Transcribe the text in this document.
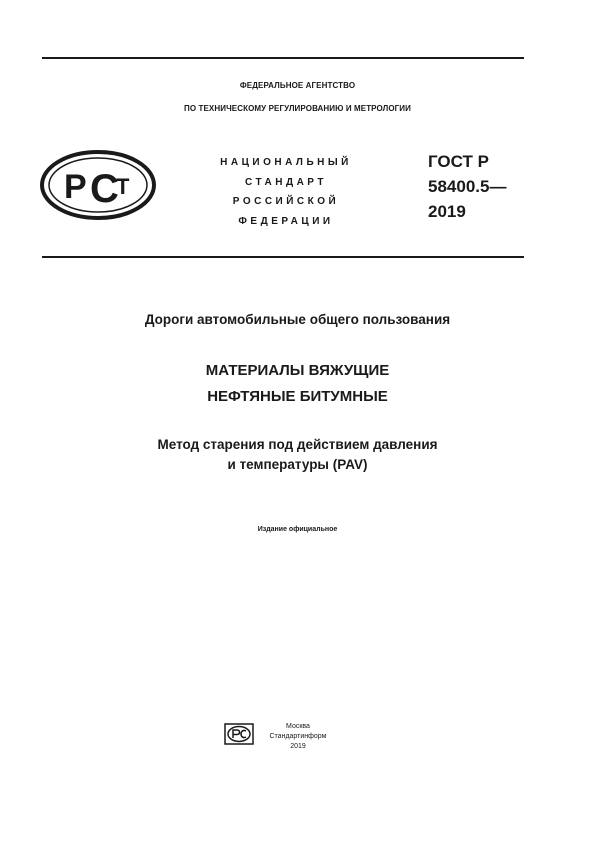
ФЕДЕРАЛЬНОЕ АГЕНТСТВО
ПО ТЕХНИЧЕСКОМУ РЕГУЛИРОВАНИЮ И МЕТРОЛОГИИ
Р С
Т
НАЦИОНАЛЬНЫЙ
СТАНДАРТ
РОССИЙСКОЙ
ФЕДЕРАЦИИ
ГОСТ Р
58400.5—
2019
Дороги автомобильные общего пользования
МАТЕРИАЛЫ ВЯЖУЩИЕ
НЕФТЯНЫЕ БИТУМНЫЕ
Метод старения под действием давления
и температуры (PAV)
Издание официальное
Москва
Стандартинформ
2019
